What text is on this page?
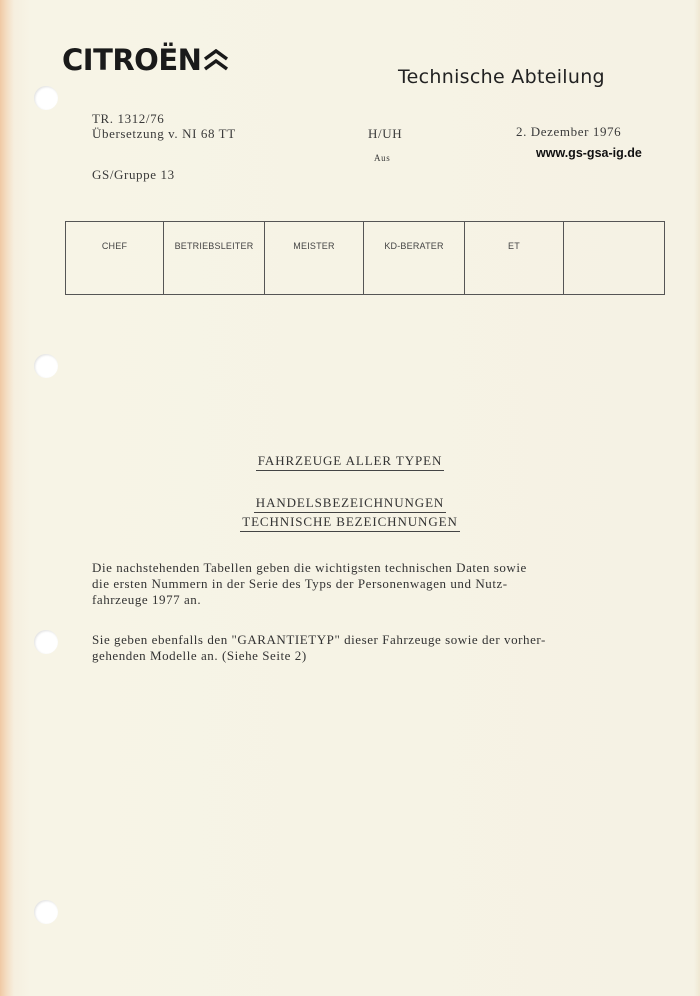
CITROËN	Technische Abteilung
TR. 1312/76
Übersetzung v. NI 68 TT	H/UH
Aus
2. Dezember 1976
www.gs-gsa-ig.de
GS/Gruppe 13
CHEF	BETRIEBSLEITER	MEISTER	KD-BERATER	ET
FAHRZEUGE ALLER TYPEN
HANDELSBEZEICHNUNGEN
TECHNISCHE BEZEICHNUNGEN
Die nachstehenden Tabellen geben die wichtigsten technischen Daten sowie
die ersten Nummern in der Serie des Typs der Personenwagen und Nutz-
fahrzeuge 1977 an.
Sie geben ebenfalls den "GARANTIETYP" dieser Fahrzeuge sowie der vorher-
gehenden Modelle an. (Siehe Seite 2)
